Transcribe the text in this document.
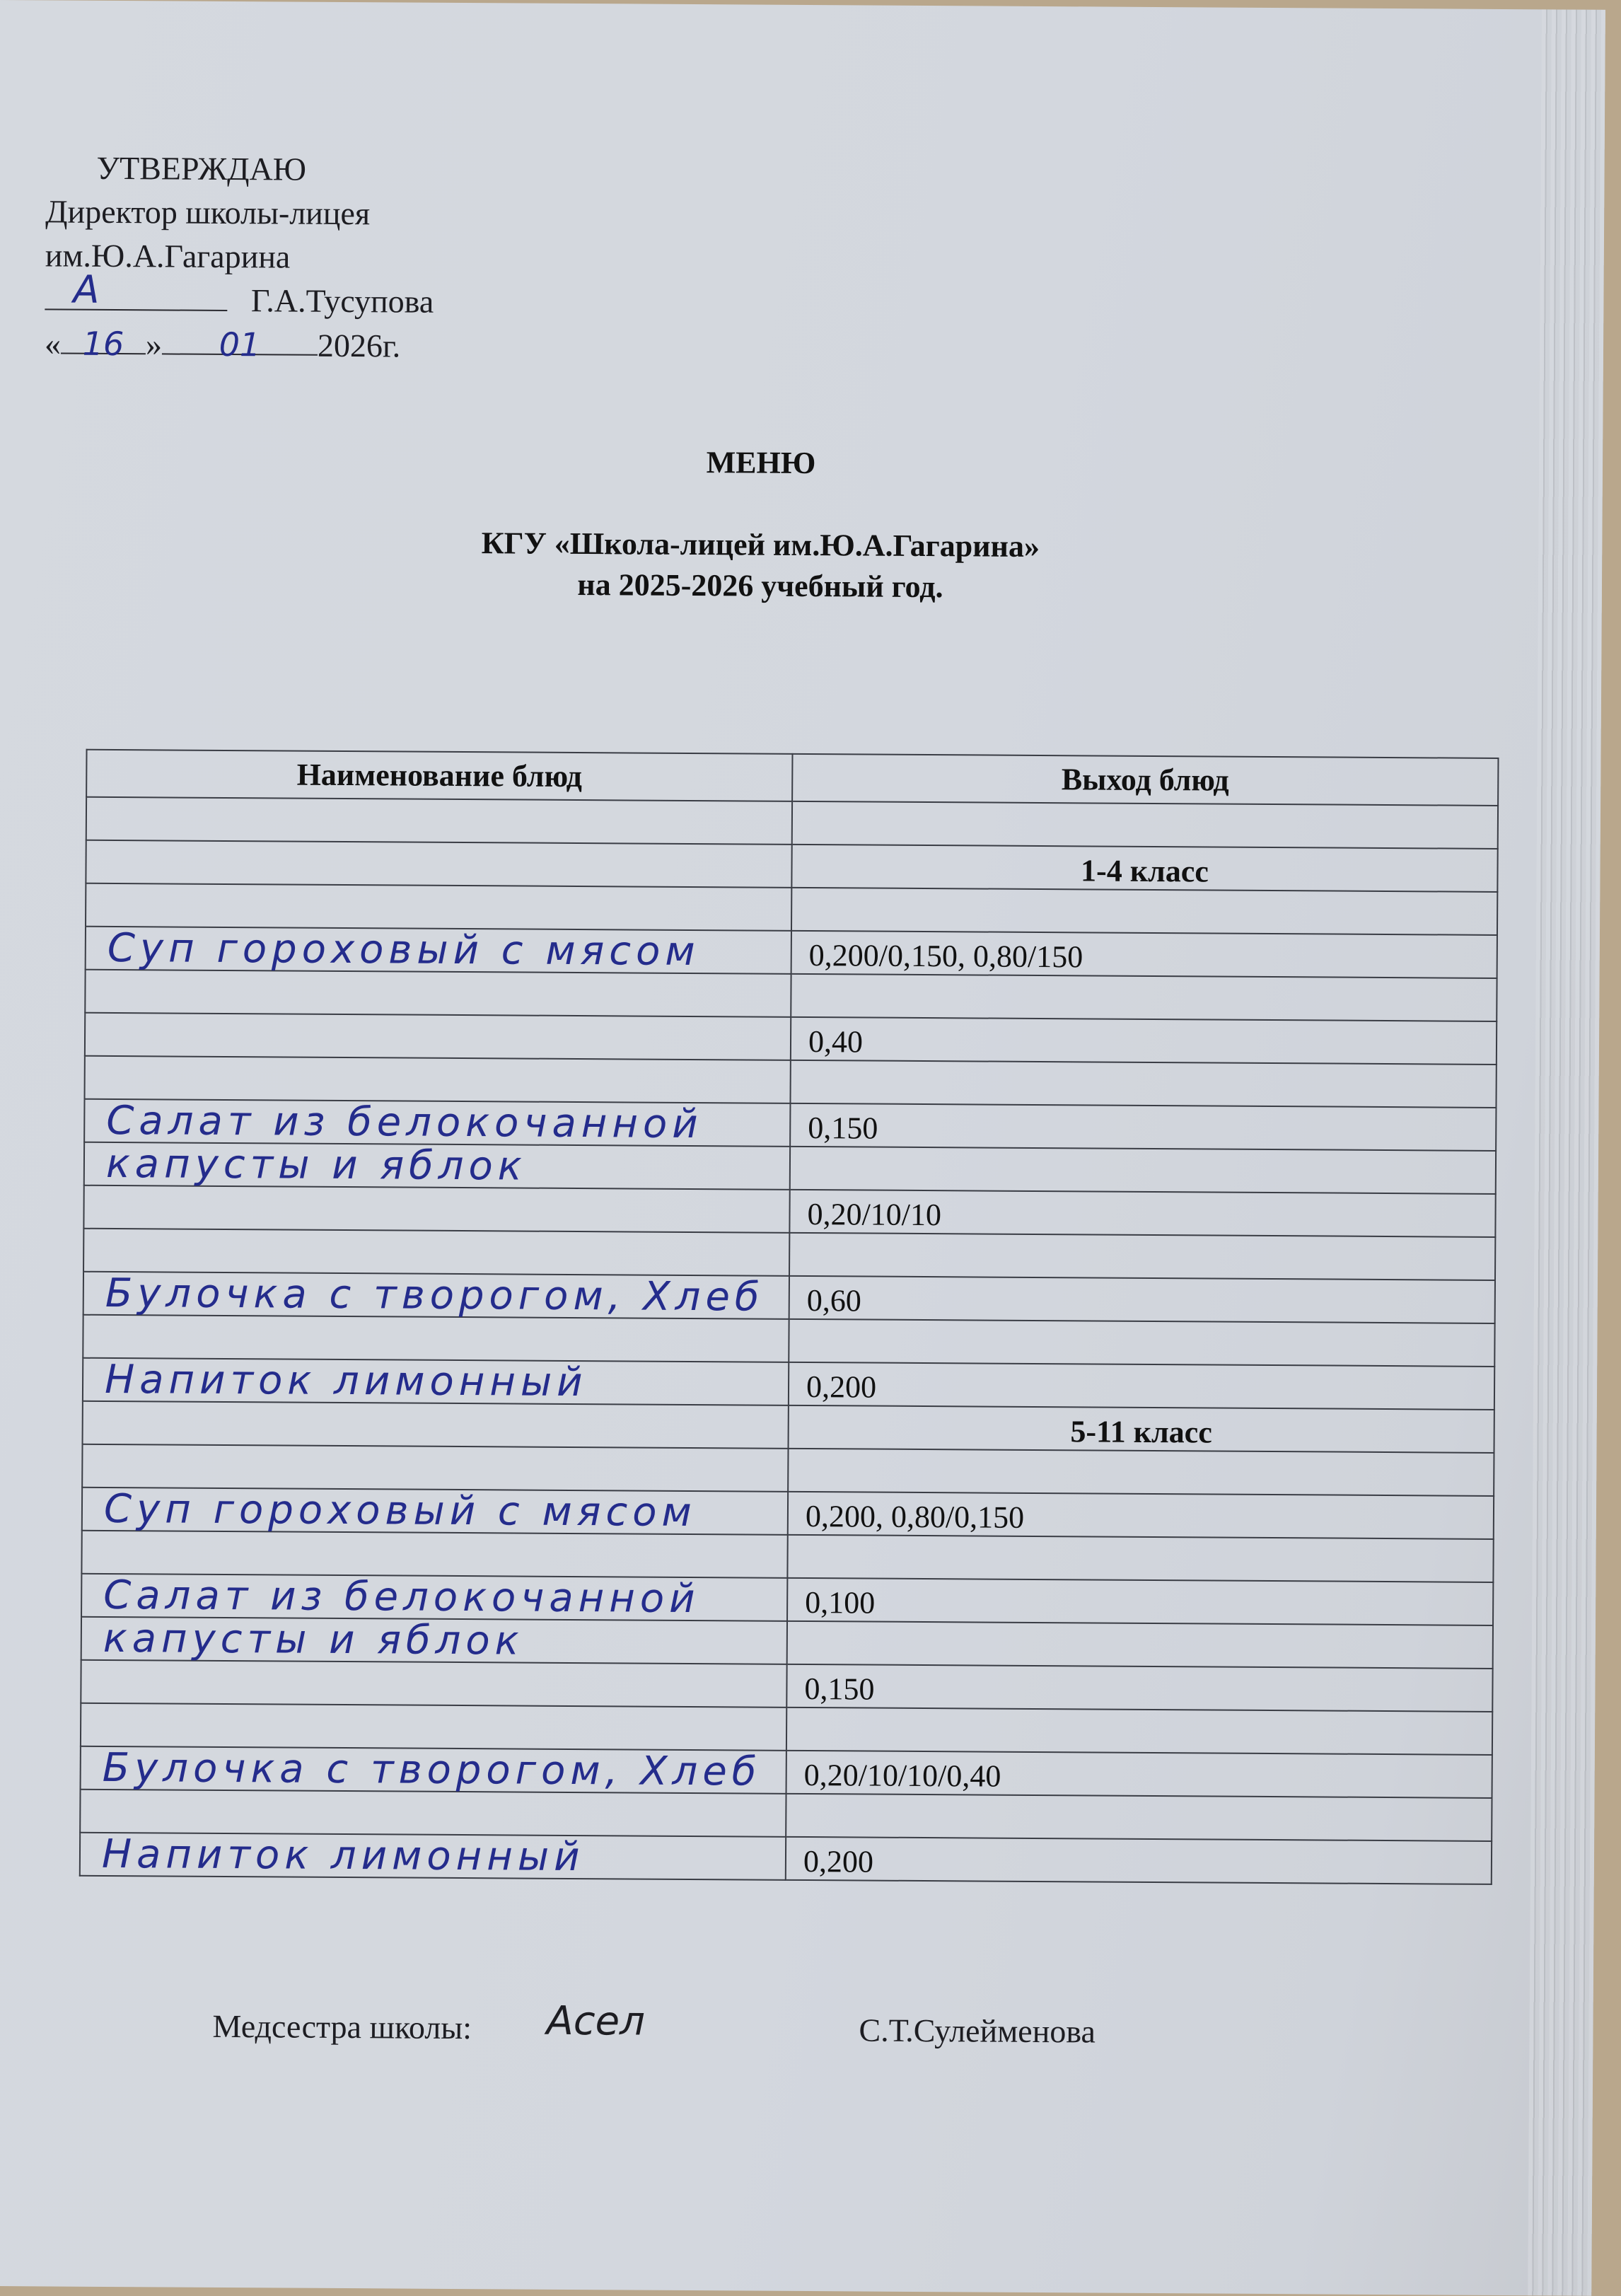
УТВЕРЖДАЮ
Директор школы-лицея
им.Ю.А.Гагарина
A	Г.А.Тусупова
« 16 » 01 2026г.
МЕНЮ
КГУ «Школа-лицей им.Ю.А.Гагарина»
на 2025-2026 учебный год.
Наименование блюд	Выход блюд

	1-4 класс

Суп гороховый с мясом	0,200/0,150, 0,80/150

	0,40

Салат из белокочанной	0,150

капусты и яблок	

	0,20/10/10

Булочка с творогом, Хлеб	0,60

Напиток лимонный	0,200

	5-11 класс

Суп гороховый с мясом	0,200, 0,80/0,150

Салат из белокочанной	0,100

капусты и яблок	

	0,150

Булочка с творогом, Хлеб	0,20/10/10/0,40

Напиток лимонный	0,200
Медсестра школы: Асел	С.Т.Сулейменова
